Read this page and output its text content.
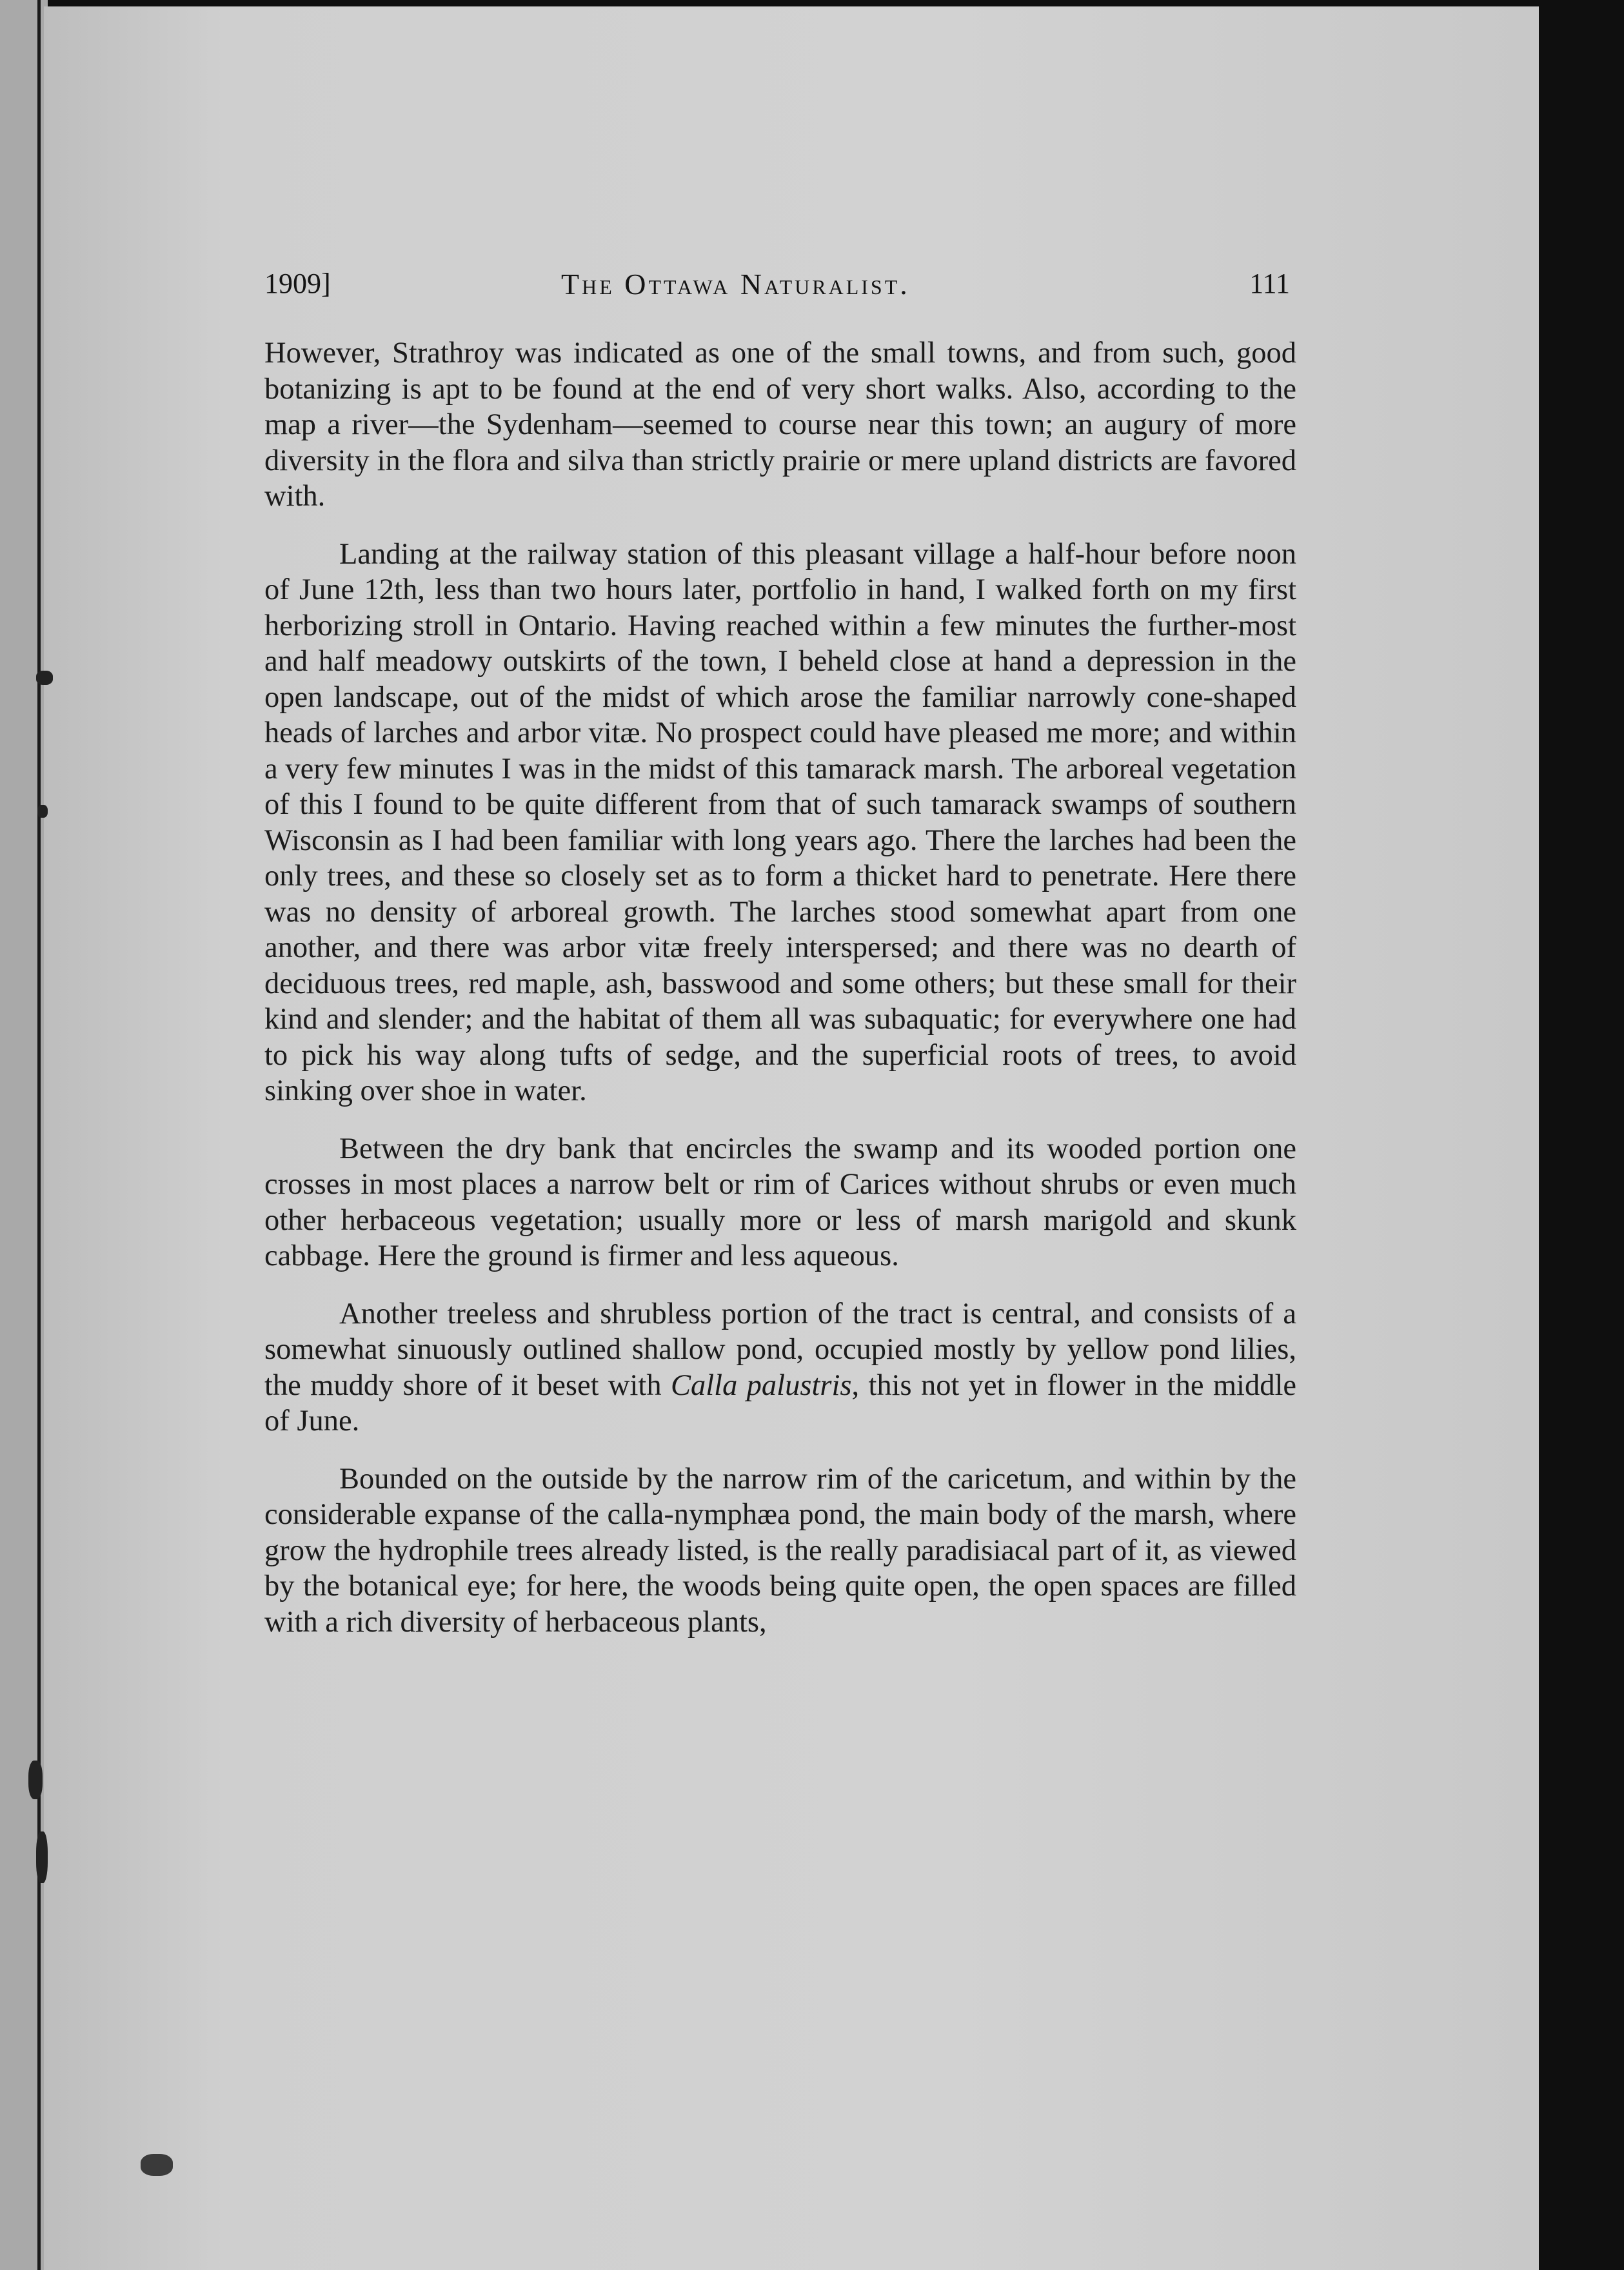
1909]	The Ottawa Naturalist.	111

However, Strathroy was indicated as one of the small towns, and from such, good botanizing is apt to be found at the end of very short walks. Also, according to the map a river—the Sydenham—seemed to course near this town; an augury of more diversity in the flora and silva than strictly prairie or mere upland districts are favored with.

Landing at the railway station of this pleasant village a half-hour before noon of June 12th, less than two hours later, portfolio in hand, I walked forth on my first herborizing stroll in Ontario. Having reached within a few minutes the further-most and half meadowy outskirts of the town, I beheld close at hand a depression in the open landscape, out of the midst of which arose the familiar narrowly cone-shaped heads of larches and arbor vitæ. No prospect could have pleased me more; and within a very few minutes I was in the midst of this tamarack marsh. The arboreal vegetation of this I found to be quite different from that of such tamarack swamps of southern Wisconsin as I had been familiar with long years ago. There the larches had been the only trees, and these so closely set as to form a thicket hard to penetrate. Here there was no density of arboreal growth. The larches stood somewhat apart from one another, and there was arbor vitæ freely interspersed; and there was no dearth of deciduous trees, red maple, ash, basswood and some others; but these small for their kind and slender; and the habitat of them all was subaquatic; for everywhere one had to pick his way along tufts of sedge, and the superficial roots of trees, to avoid sinking over shoe in water.

Between the dry bank that encircles the swamp and its wooded portion one crosses in most places a narrow belt or rim of Carices without shrubs or even much other herbaceous vegetation; usually more or less of marsh marigold and skunk cabbage. Here the ground is firmer and less aqueous.

Another treeless and shrubless portion of the tract is central, and consists of a somewhat sinuously outlined shallow pond, occupied mostly by yellow pond lilies, the muddy shore of it beset with Calla palustris, this not yet in flower in the middle of June.

Bounded on the outside by the narrow rim of the caricetum, and within by the considerable expanse of the calla-nymphæa pond, the main body of the marsh, where grow the hydrophile trees already listed, is the really paradisiacal part of it, as viewed by the botanical eye; for here, the woods being quite open, the open spaces are filled with a rich diversity of herbaceous plants,
